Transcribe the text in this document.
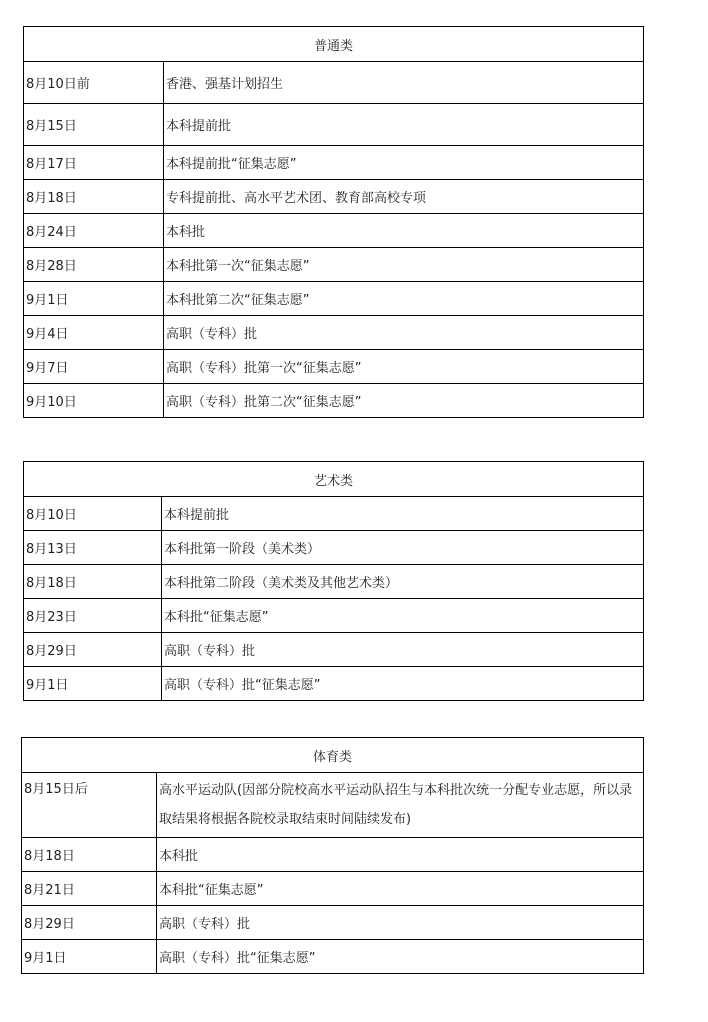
普通类	
8月10日前	香港、强基计划招生
8月15日	本科提前批
8月17日	本科提前批“征集志愿”
8月18日	专科提前批、高水平艺术团、教育部高校专项
8月24日	本科批
8月28日	本科批第一次“征集志愿”
9月1日	本科批第二次“征集志愿”
9月4日	高职（专科）批
9月7日	高职（专科）批第一次“征集志愿”
9月10日	高职（专科）批第二次“征集志愿”
艺术类	
8月10日	本科提前批
8月13日	本科批第一阶段（美术类）
8月18日	本科批第二阶段（美术类及其他艺术类）
8月23日	本科批“征集志愿”
8月29日	高职（专科）批
9月1日	高职（专科）批“征集志愿”
体育类	
8月15日后	高水平运动队(因部分院校高水平运动队招生与本科批次统一分配专业志愿，所以录取结果将根据各院校录取结束时间陆续发布)
8月18日	本科批
8月21日	本科批“征集志愿”
8月29日	高职（专科）批
9月1日	高职（专科）批“征集志愿”
